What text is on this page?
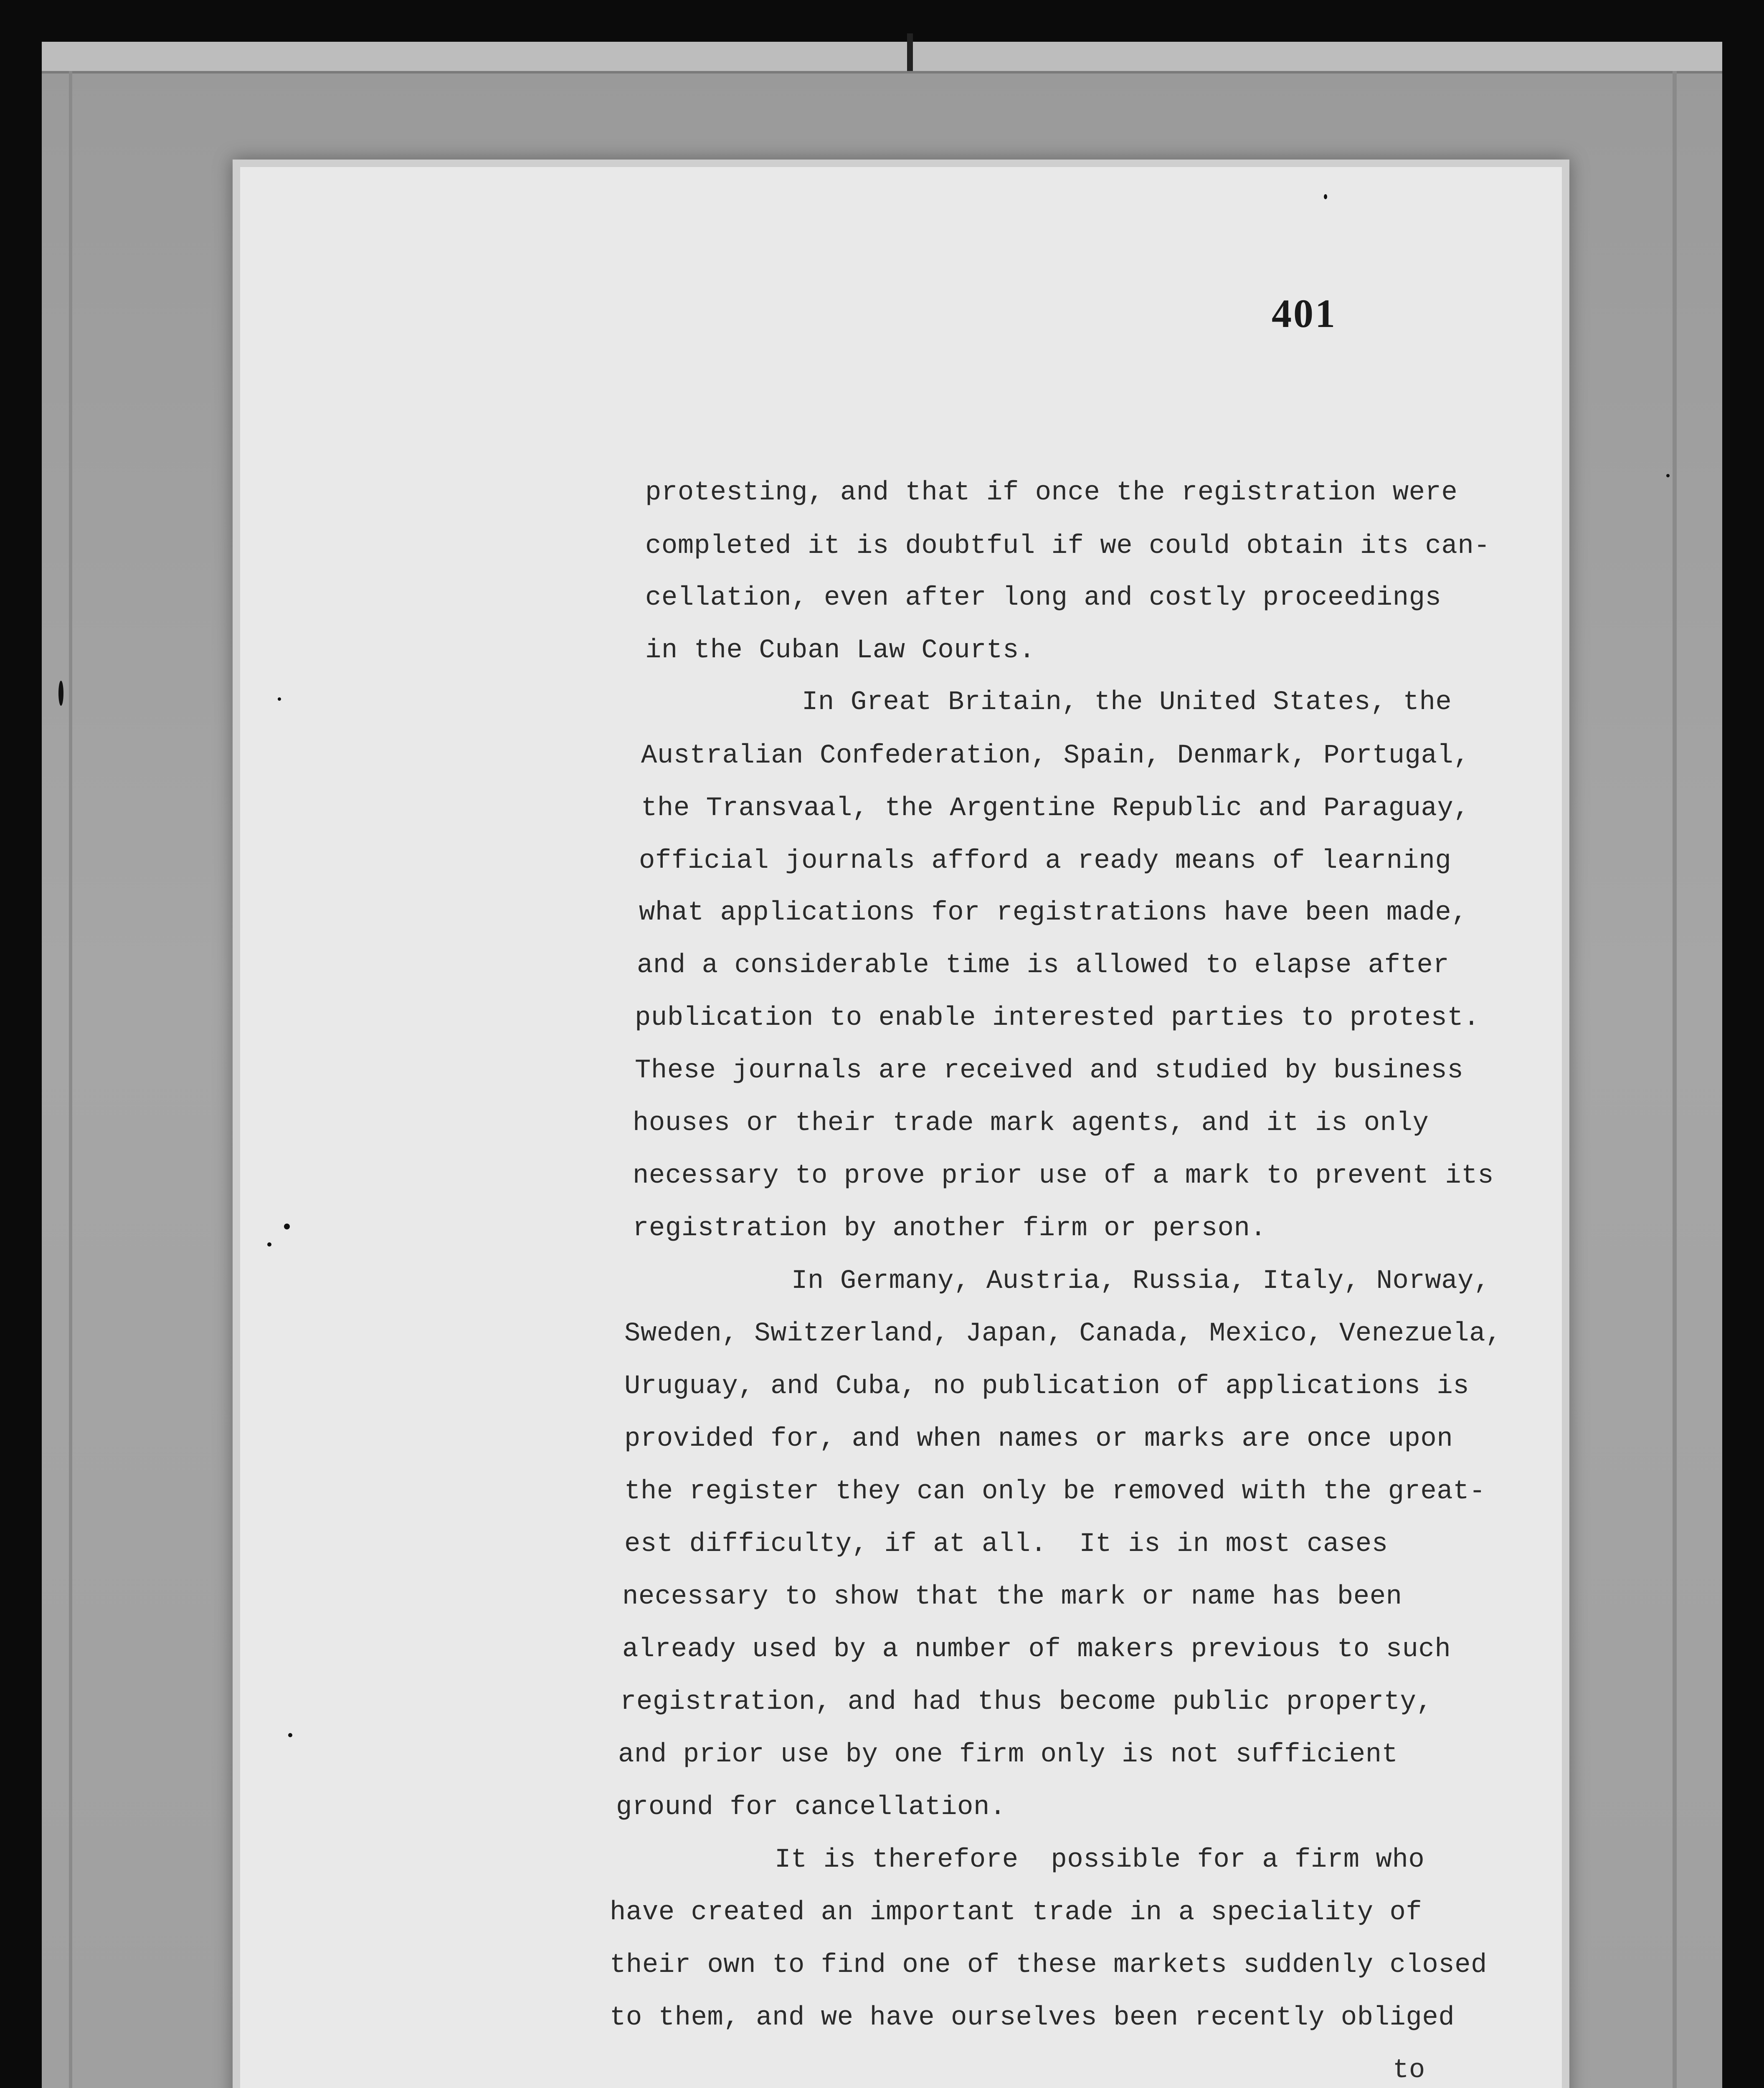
401
protesting, and that if once the registration were
completed it is doubtful if we could obtain its can-
cellation, even after long and costly proceedings
in the Cuban Law Courts.
In Great Britain, the United States, the
Australian Confederation, Spain, Denmark, Portugal,
the Transvaal, the Argentine Republic and Paraguay,
official journals afford a ready means of learning
what applications for registrations have been made,
and a considerable time is allowed to elapse after
publication to enable interested parties to protest.
These journals are received and studied by business
houses or their trade mark agents, and it is only
necessary to prove prior use of a mark to prevent its
registration by another firm or person.
In Germany, Austria, Russia, Italy, Norway,
Sweden, Switzerland, Japan, Canada, Mexico, Venezuela,
Uruguay, and Cuba, no publication of applications is
provided for, and when names or marks are once upon
the register they can only be removed with the great-
est difficulty, if at all.  It is in most cases
necessary to show that the mark or name has been
already used by a number of makers previous to such
registration, and had thus become public property,
and prior use by one firm only is not sufficient
ground for cancellation.
It is therefore  possible for a firm who
have created an important trade in a speciality of
their own to find one of these markets suddenly closed
to them, and we have ourselves been recently obliged
to
